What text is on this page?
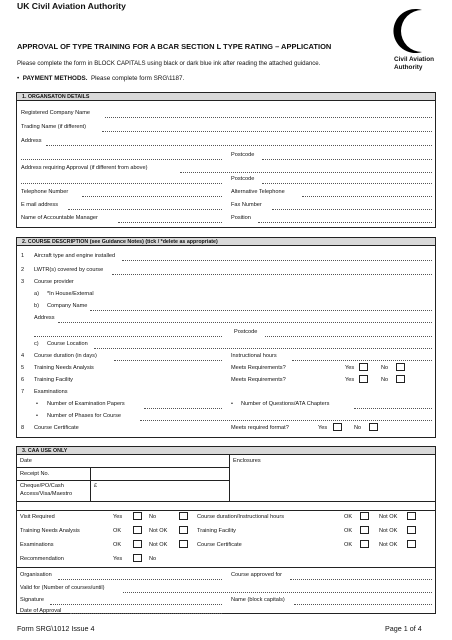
UK Civil Aviation Authority
Civil Aviation
Authority
APPROVAL OF TYPE TRAINING FOR A BCAR SECTION L TYPE RATING – APPLICATION
Please complete the form in BLOCK CAPITALS using black or dark blue ink after reading the attached guidance.
•  PAYMENT METHODS. Please complete form SRG\1187.
1. ORGANSATON DETAILS
Registered Company Name
Trading Name (if different)
Address
Postcode
Address requiring Approval (if different from above)
Postcode
Telephone Number	Alternative Telephone
E mail address	Fax Number
Name of Accountable Manager	Position
2. COURSE DESCRIPTION (see Guidance Notes) (tick / *delete as appropriate)
1 Aircraft type and engine installed
2 LWTR(s) covered by course
3 Course provider
a) *In House/External
b) Company Name
Address
Postcode
c) Course Location
4 Course duration (in days)	Instructional hours
5 Training Needs Analysis	Meets Requirements?	Yes	No
6 Training Facility	Meets Requirements?	Yes	No
7 Examinations
• Number of Examination Papers	• Number of Questions/ATA Chapters
• Number of Phases for Course
8 Course Certificate	Meets required format?	Yes	No
3. CAA USE ONLY
Date	Enclosures
Receipt No.
Cheque/PO/Cash
Access/Visa/Maestro
£
Visit Required	Yes	No	Course duration/Instructional hours	OK	Not OK
Training Needs Analysis	OK	Not OK	Training Facility	OK	Not OK
Examinations	OK	Not OK	Course Certificate	OK	Not OK
Recommendation	Yes	No
Organisation	Course approved for
Valid for (Number of courses/until)
Signature	Name (block capitals)
Date of Approval
Form SRG\1012 Issue 4	Page 1 of 4
